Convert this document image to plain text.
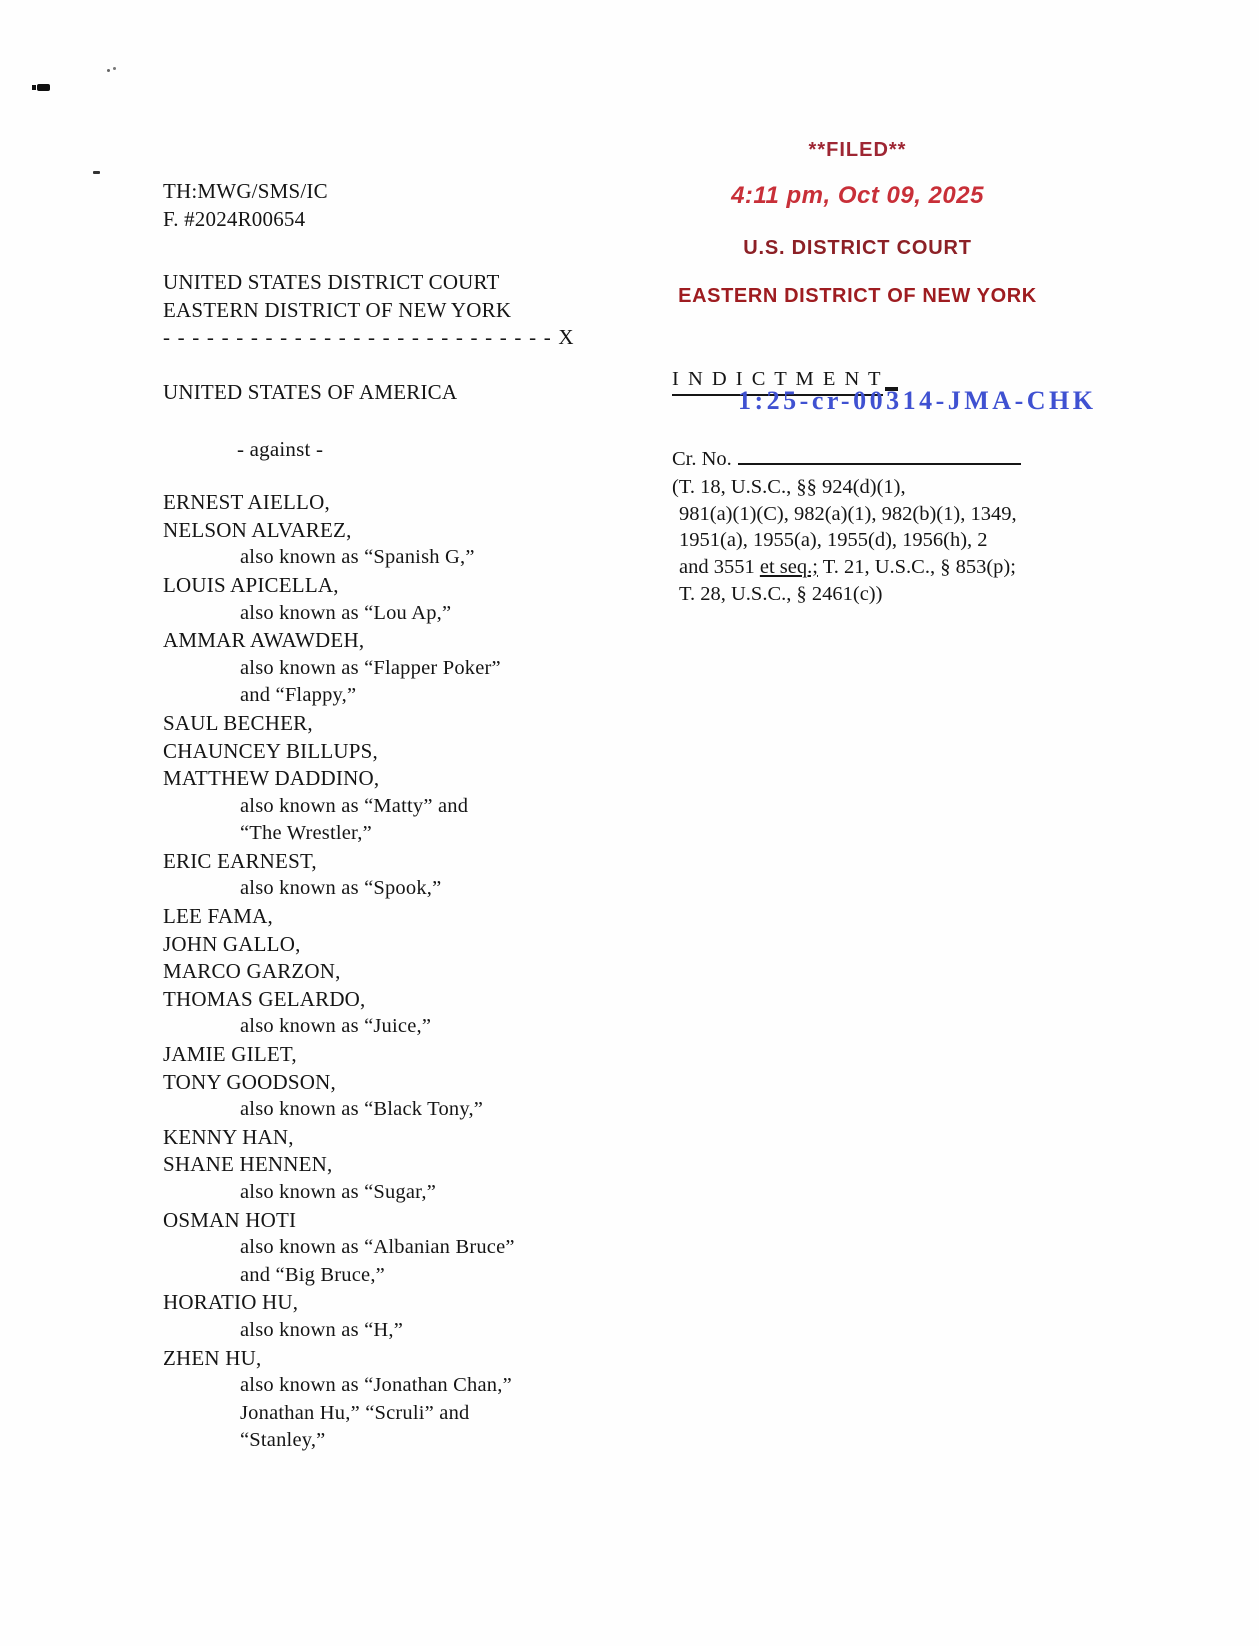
TH:MWG/SMS/IC
F. #2024R00654
UNITED STATES DISTRICT COURT
EASTERN DISTRICT OF NEW YORK
- - - - - - - - - - - - - - - - - - - - - - - - - - - X
UNITED STATES OF AMERICA
- against -
ERNEST AIELLO,
NELSON ALVAREZ,
also known as “Spanish G,”
LOUIS APICELLA,
also known as “Lou Ap,”
AMMAR AWAWDEH,
also known as “Flapper Poker”
and “Flappy,”
SAUL BECHER,
CHAUNCEY BILLUPS,
MATTHEW DADDINO,
also known as “Matty” and
“The Wrestler,”
ERIC EARNEST,
also known as “Spook,”
LEE FAMA,
JOHN GALLO,
MARCO GARZON,
THOMAS GELARDO,
also known as “Juice,”
JAMIE GILET,
TONY GOODSON,
also known as “Black Tony,”
KENNY HAN,
SHANE HENNEN,
also known as “Sugar,”
OSMAN HOTI
also known as “Albanian Bruce”
and “Big Bruce,”
HORATIO HU,
also known as “H,”
ZHEN HU,
also known as “Jonathan Chan,”
Jonathan Hu,” “Scruli” and
“Stanley,”
**FILED**
4:11 pm, Oct 09, 2025
U.S. DISTRICT COURT
EASTERN DISTRICT OF NEW YORK
I N D I C T M E N T
1:25-cr-00314-JMA-CHK
Cr. No.
(T. 18, U.S.C., §§ 924(d)(1),
981(a)(1)(C), 982(a)(1), 982(b)(1), 1349,
1951(a), 1955(a), 1955(d), 1956(h), 2
and 3551 et seq.; T. 21, U.S.C., § 853(p);
T. 28, U.S.C., § 2461(c))
